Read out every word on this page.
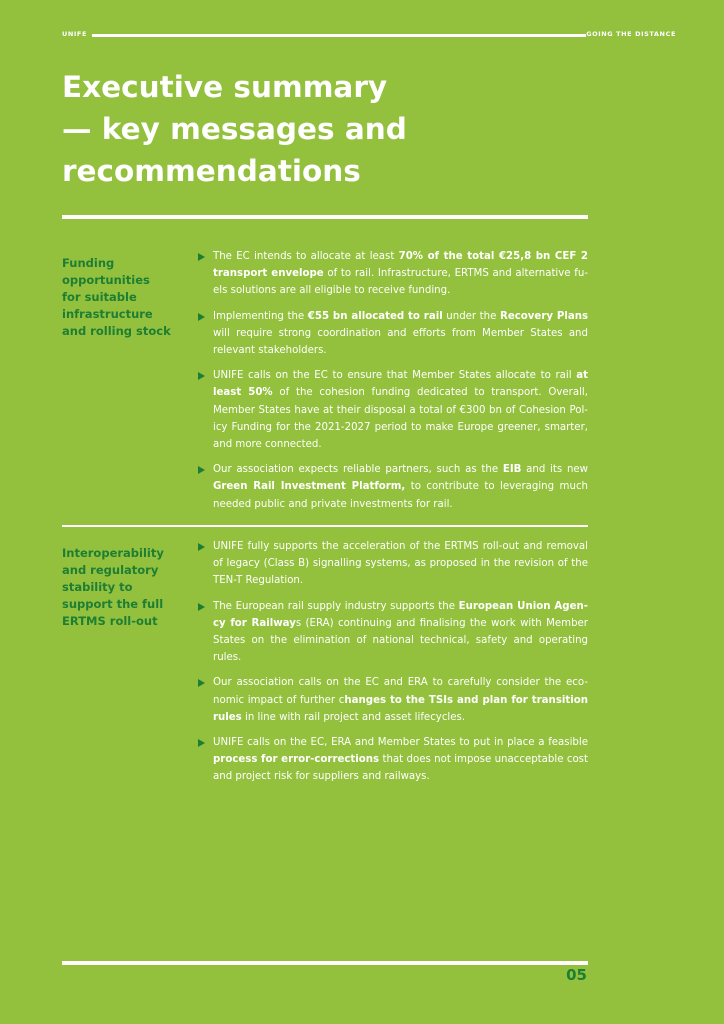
UNIFE	GOING THE DISTANCE
Executive summary
— key messages and
recommendations
Funding
opportunities
for suitable
infrastructure
and rolling stock
The EC intends to allocate at least 70% of the total €25,8 bn CEF 2 transport envelope of to rail. Infrastructure, ERTMS and alternative fu-els solutions are all eligible to receive funding.
Implementing the €55 bn allocated to rail under the Recovery Plans will require strong coordination and efforts from Member States and relevant stakeholders.
UNIFE calls on the EC to ensure that Member States allocate to rail at least 50% of the cohesion funding dedicated to transport. Overall, Member States have at their disposal a total of €300 bn of Cohesion Pol-icy Funding for the 2021-2027 period to make Europe greener, smarter, and more connected.
Our association expects reliable partners, such as the EIB and its new Green Rail Investment Platform, to contribute to leveraging much needed public and private investments for rail.
Interoperability
and regulatory
stability to
support the full
ERTMS roll-out
UNIFE fully supports the acceleration of the ERTMS roll-out and removal of legacy (Class B) signalling systems, as proposed in the revision of the TEN-T Regulation.
The European rail supply industry supports the European Union Agen-cy for Railways (ERA) continuing and finalising the work with Member States on the elimination of national technical, safety and operating rules.
Our association calls on the EC and ERA to carefully consider the eco-nomic impact of further changes to the TSIs and plan for transition rules in line with rail project and asset lifecycles.
UNIFE calls on the EC, ERA and Member States to put in place a feasible process for error-corrections that does not impose unacceptable cost and project risk for suppliers and railways.
05
